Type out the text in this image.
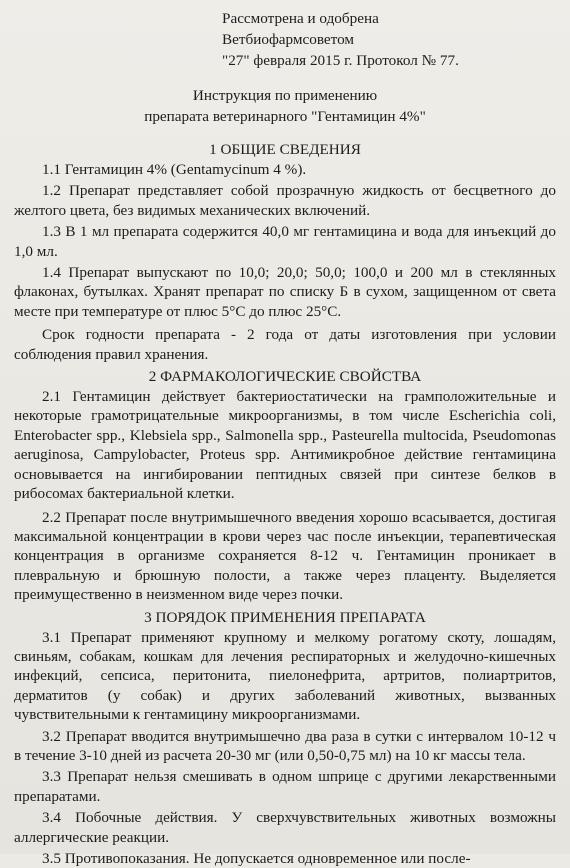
Рассмотрена и одобрена
Ветбиофармсоветом
"27" февраля 2015 г. Протокол № 77.
Инструкция по применению
препарата ветеринарного "Гентамицин 4%"
1 ОБЩИЕ СВЕДЕНИЯ

1.1 Гентамицин 4% (Gentamycinum 4 %).

1.2 Препарат представляет собой прозрачную жидкость от бесцветного до желтого цвета, без видимых механических включений.

1.3 В 1 мл препарата содержится 40,0 мг гентамицина и вода для инъекций до 1,0 мл.

1.4 Препарат выпускают по 10,0; 20,0; 50,0; 100,0 и 200 мл в стеклянных флаконах, бутылках. Хранят препарат по списку Б в сухом, защищенном от света месте при температуре от плюс 5°С до плюс 25°С.

Срок годности препарата - 2 года от даты изготовления при условии соблюдения правил хранения.

2 ФАРМАКОЛОГИЧЕСКИЕ СВОЙСТВА

2.1 Гентамицин действует бактериостатически на грамположительные и некоторые грамотрицательные микроорганизмы, в том числе Escherichia coli, Enterobacter spp., Klebsiela spp., Salmonella spp., Pasteurella multocida, Pseudomonas aeruginosa, Campylobacter, Proteus spp. Антимикробное действие гентамицина основывается на ингибировании пептидных связей при синтезе белков в рибосомах бактериальной клетки.

2.2 Препарат после внутримышечного введения хорошо всасывается, достигая максимальной концентрации в крови через час после инъекции, терапевтическая концентрация в организме сохраняется 8-12 ч. Гентамицин проникает в плевральную и брюшную полости, а также через плаценту. Выделяется преимущественно в неизменном виде через почки.

3 ПОРЯДОК ПРИМЕНЕНИЯ ПРЕПАРАТА

3.1 Препарат применяют крупному и мелкому рогатому скоту, лошадям, свиньям, собакам, кошкам для лечения респираторных и желудочно-кишечных инфекций, сепсиса, перитонита, пиелонефрита, артритов, полиартритов, дерматитов (у собак) и других заболеваний животных, вызванных чувствительными к гентамицину микроорганизмами.

3.2 Препарат вводится внутримышечно два раза в сутки с интервалом 10-12 ч в течение 3-10 дней из расчета 20-30 мг (или 0,50-0,75 мл) на 10 кг массы тела.

3.3 Препарат нельзя смешивать в одном шприце с другими лекарственными препаратами.

3.4 Побочные действия. У сверхчувствительных животных возможны аллергические реакции.

3.5 Противопоказания. Не допускается одновременное или после-
